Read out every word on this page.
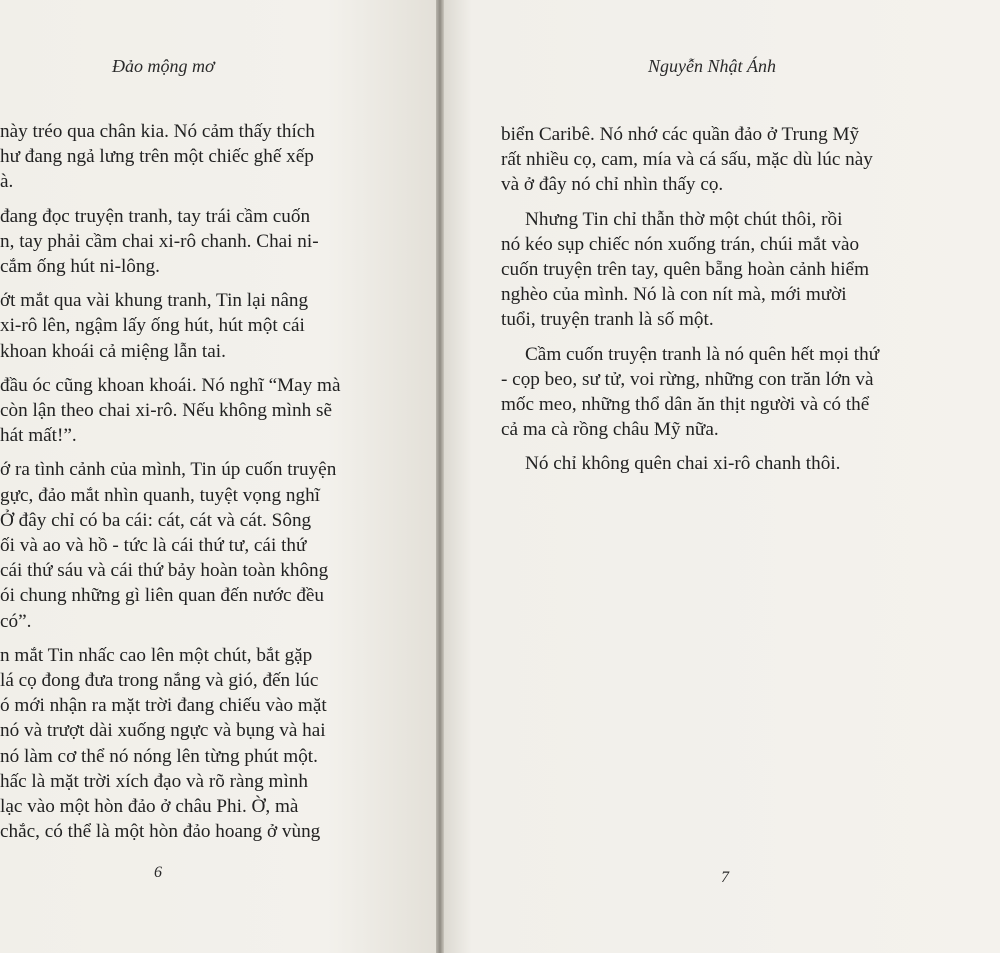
Đảo mộng mơ
này tréo qua chân kia. Nó cảm thấy thích
hư đang ngả lưng trên một chiếc ghế xếp
à.
đang đọc truyện tranh, tay trái cầm cuốn
n, tay phải cầm chai xi-rô chanh. Chai ni-
cắm ống hút ni-lông.
ớt mắt qua vài khung tranh, Tin lại nâng
xi-rô lên, ngậm lấy ống hút, hút một cái
khoan khoái cả miệng lẫn tai.
đầu óc cũng khoan khoái. Nó nghĩ “May mà
còn lận theo chai xi-rô. Nếu không mình sẽ
hát mất!”.
ớ ra tình cảnh của mình, Tin úp cuốn truyện
gực, đảo mắt nhìn quanh, tuyệt vọng nghĩ
Ở đây chỉ có ba cái: cát, cát và cát. Sông
ối và ao và hồ - tức là cái thứ tư, cái thứ
cái thứ sáu và cái thứ bảy hoàn toàn không
ói chung những gì liên quan đến nước đều
có”.
n mắt Tin nhấc cao lên một chút, bắt gặp
lá cọ đong đưa trong nắng và gió, đến lúc
ó mới nhận ra mặt trời đang chiếu vào mặt
nó và trượt dài xuống ngực và bụng và hai
nó làm cơ thể nó nóng lên từng phút một.
hấc là mặt trời xích đạo và rõ ràng mình
lạc vào một hòn đảo ở châu Phi. Ờ, mà
chắc, có thể là một hòn đảo hoang ở vùng
6
Nguyễn Nhật Ánh
biển Caribê. Nó nhớ các quần đảo ở Trung Mỹ
rất nhiều cọ, cam, mía và cá sấu, mặc dù lúc này
và ở đây nó chỉ nhìn thấy cọ.
Nhưng Tin chỉ thẫn thờ một chút thôi, rồi
nó kéo sụp chiếc nón xuống trán, chúi mắt vào
cuốn truyện trên tay, quên bẵng hoàn cảnh hiểm
nghèo của mình. Nó là con nít mà, mới mười
tuổi, truyện tranh là số một.
Cầm cuốn truyện tranh là nó quên hết mọi thứ
- cọp beo, sư tử, voi rừng, những con trăn lớn và
mốc meo, những thổ dân ăn thịt người và có thể
cả ma cà rồng châu Mỹ nữa.
Nó chỉ không quên chai xi-rô chanh thôi.
7
